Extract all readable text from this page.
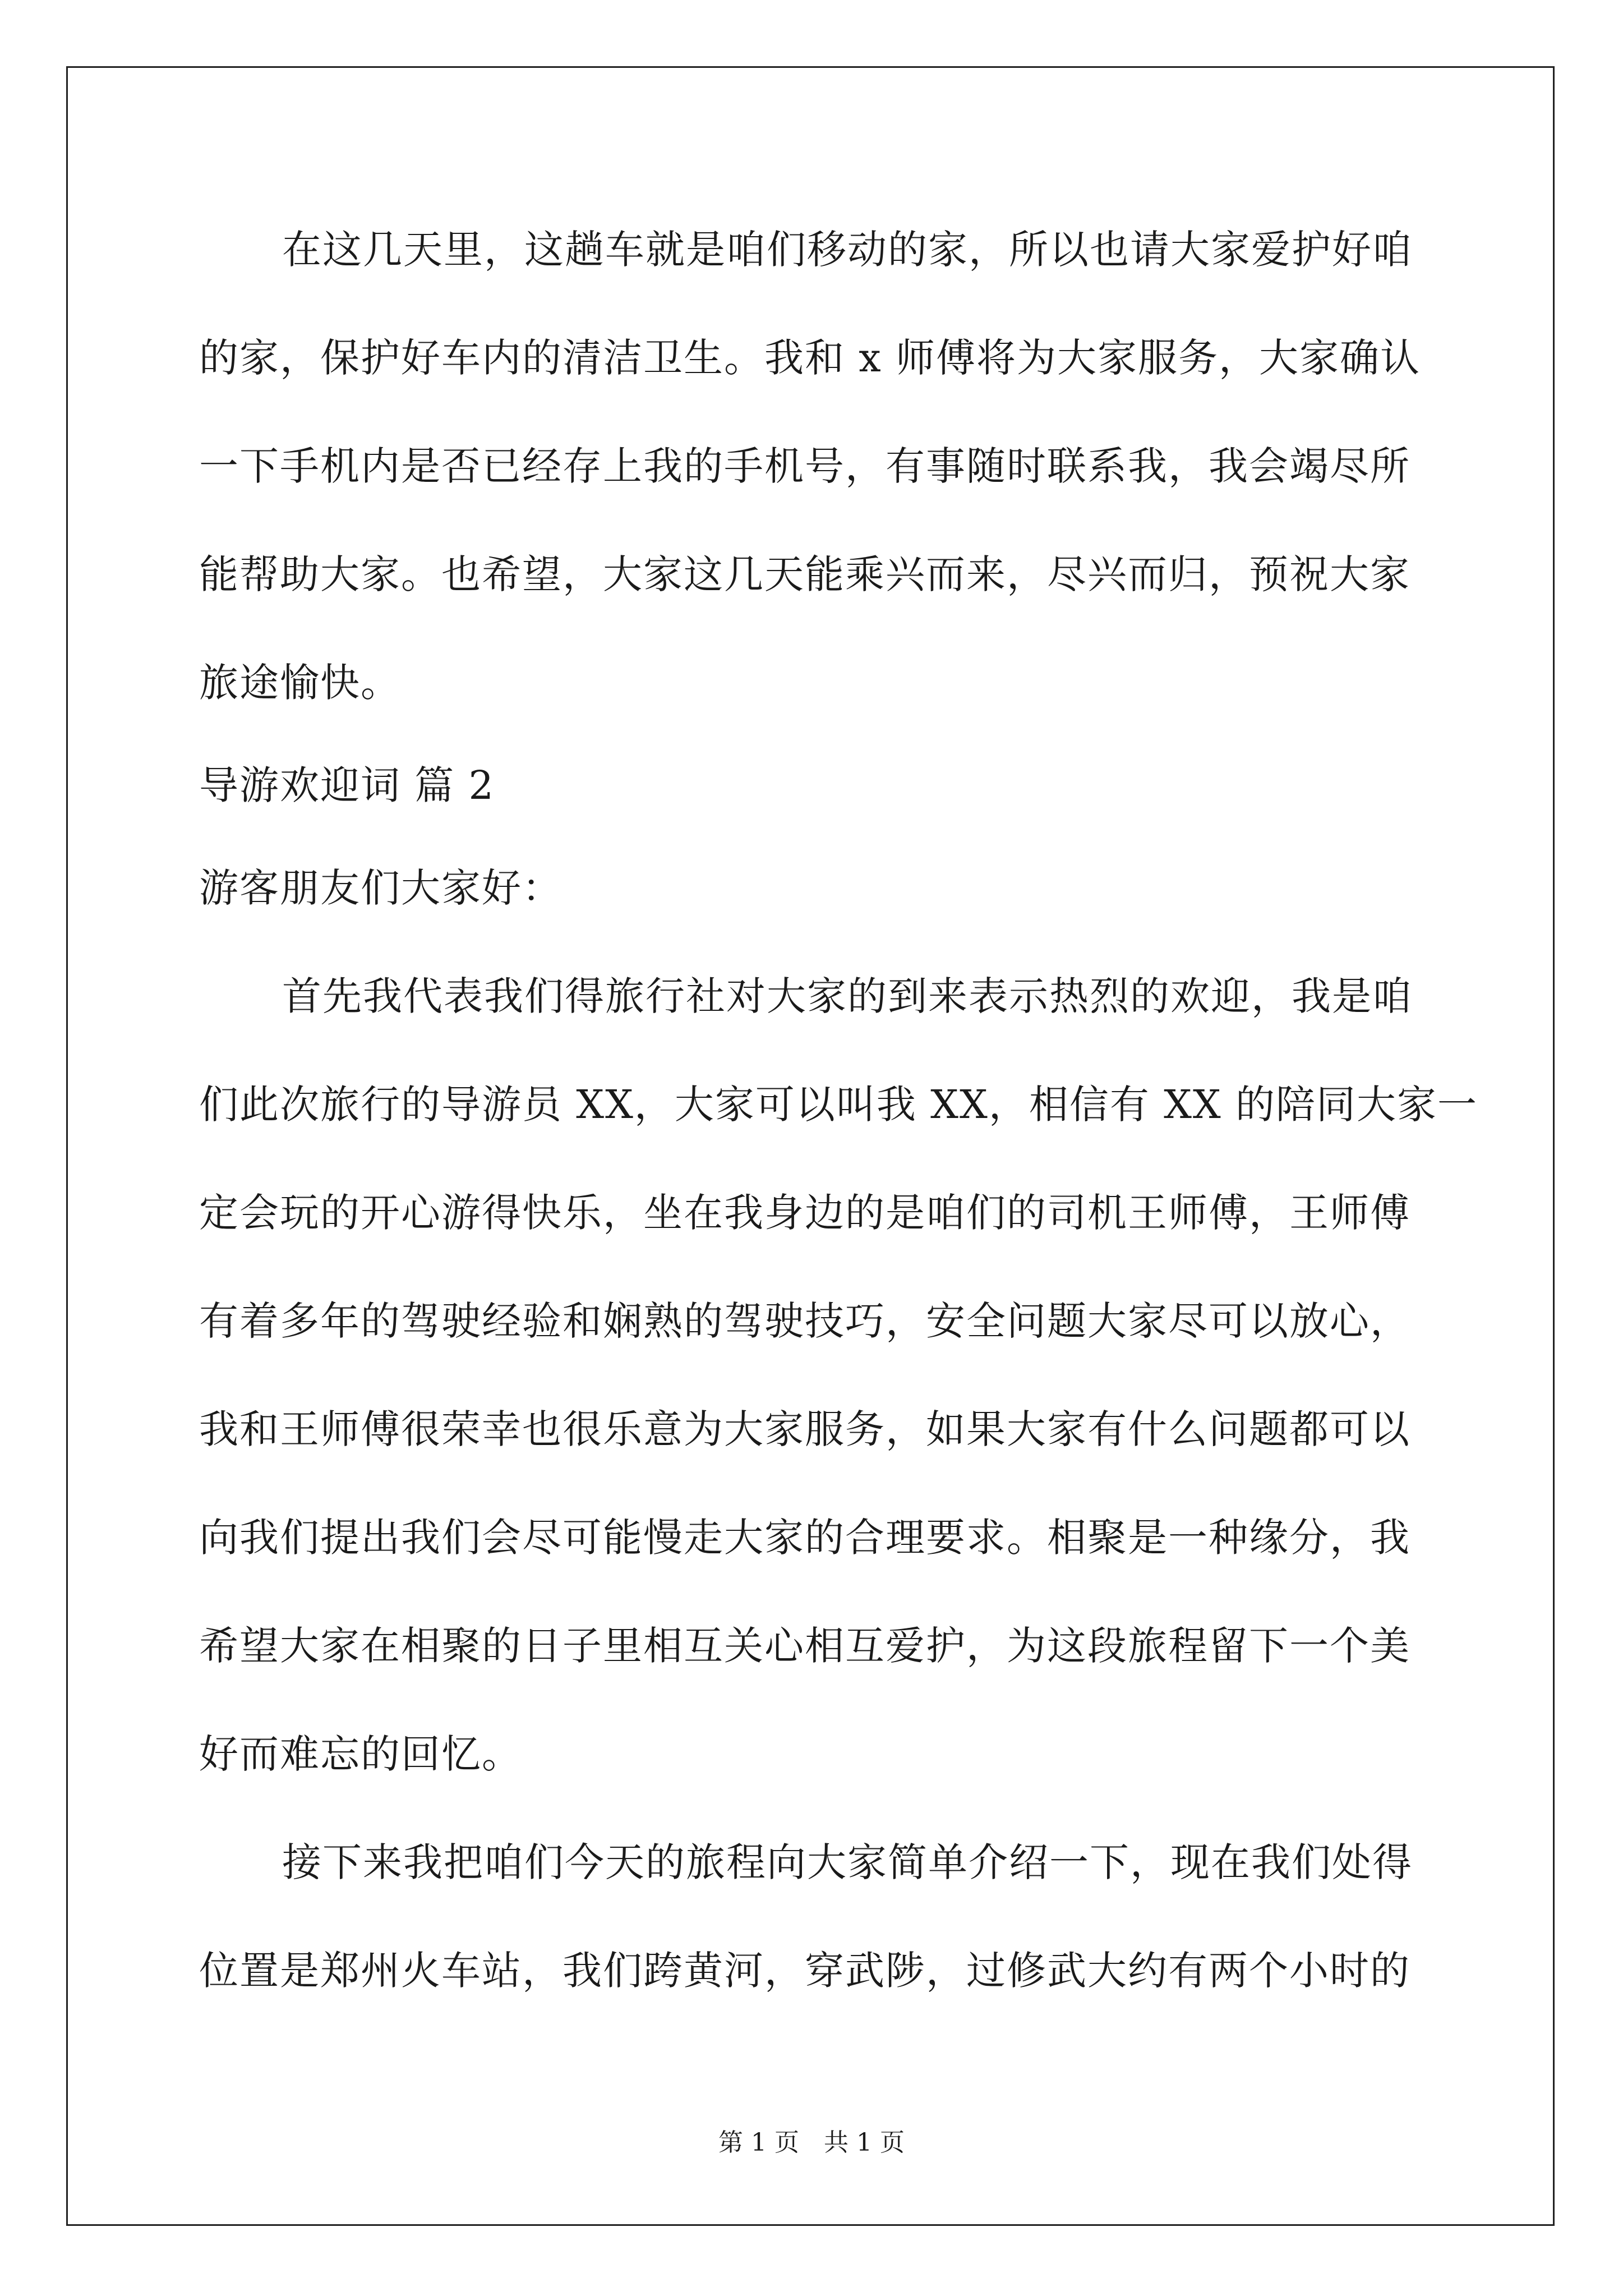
在这几天里，这趟车就是咱们移动的家，所以也请大家爱护好咱
的家，保护好车内的清洁卫生。我和 x 师傅将为大家服务，大家确认
一下手机内是否已经存上我的手机号，有事随时联系我，我会竭尽所
能帮助大家。也希望，大家这几天能乘兴而来，尽兴而归，预祝大家
旅途愉快。
导游欢迎词 篇 2
游客朋友们大家好：
首先我代表我们得旅行社对大家的到来表示热烈的欢迎，我是咱
们此次旅行的导游员 XX，大家可以叫我 XX，相信有 XX 的陪同大家一
定会玩的开心游得快乐，坐在我身边的是咱们的司机王师傅，王师傅
有着多年的驾驶经验和娴熟的驾驶技巧，安全问题大家尽可以放心，
我和王师傅很荣幸也很乐意为大家服务，如果大家有什么问题都可以
向我们提出我们会尽可能慢走大家的合理要求。相聚是一种缘分，我
希望大家在相聚的日子里相互关心相互爱护，为这段旅程留下一个美
好而难忘的回忆。
接下来我把咱们今天的旅程向大家简单介绍一下，现在我们处得
位置是郑州火车站，我们跨黄河，穿武陟，过修武大约有两个小时的
第 1 页　共 1 页
